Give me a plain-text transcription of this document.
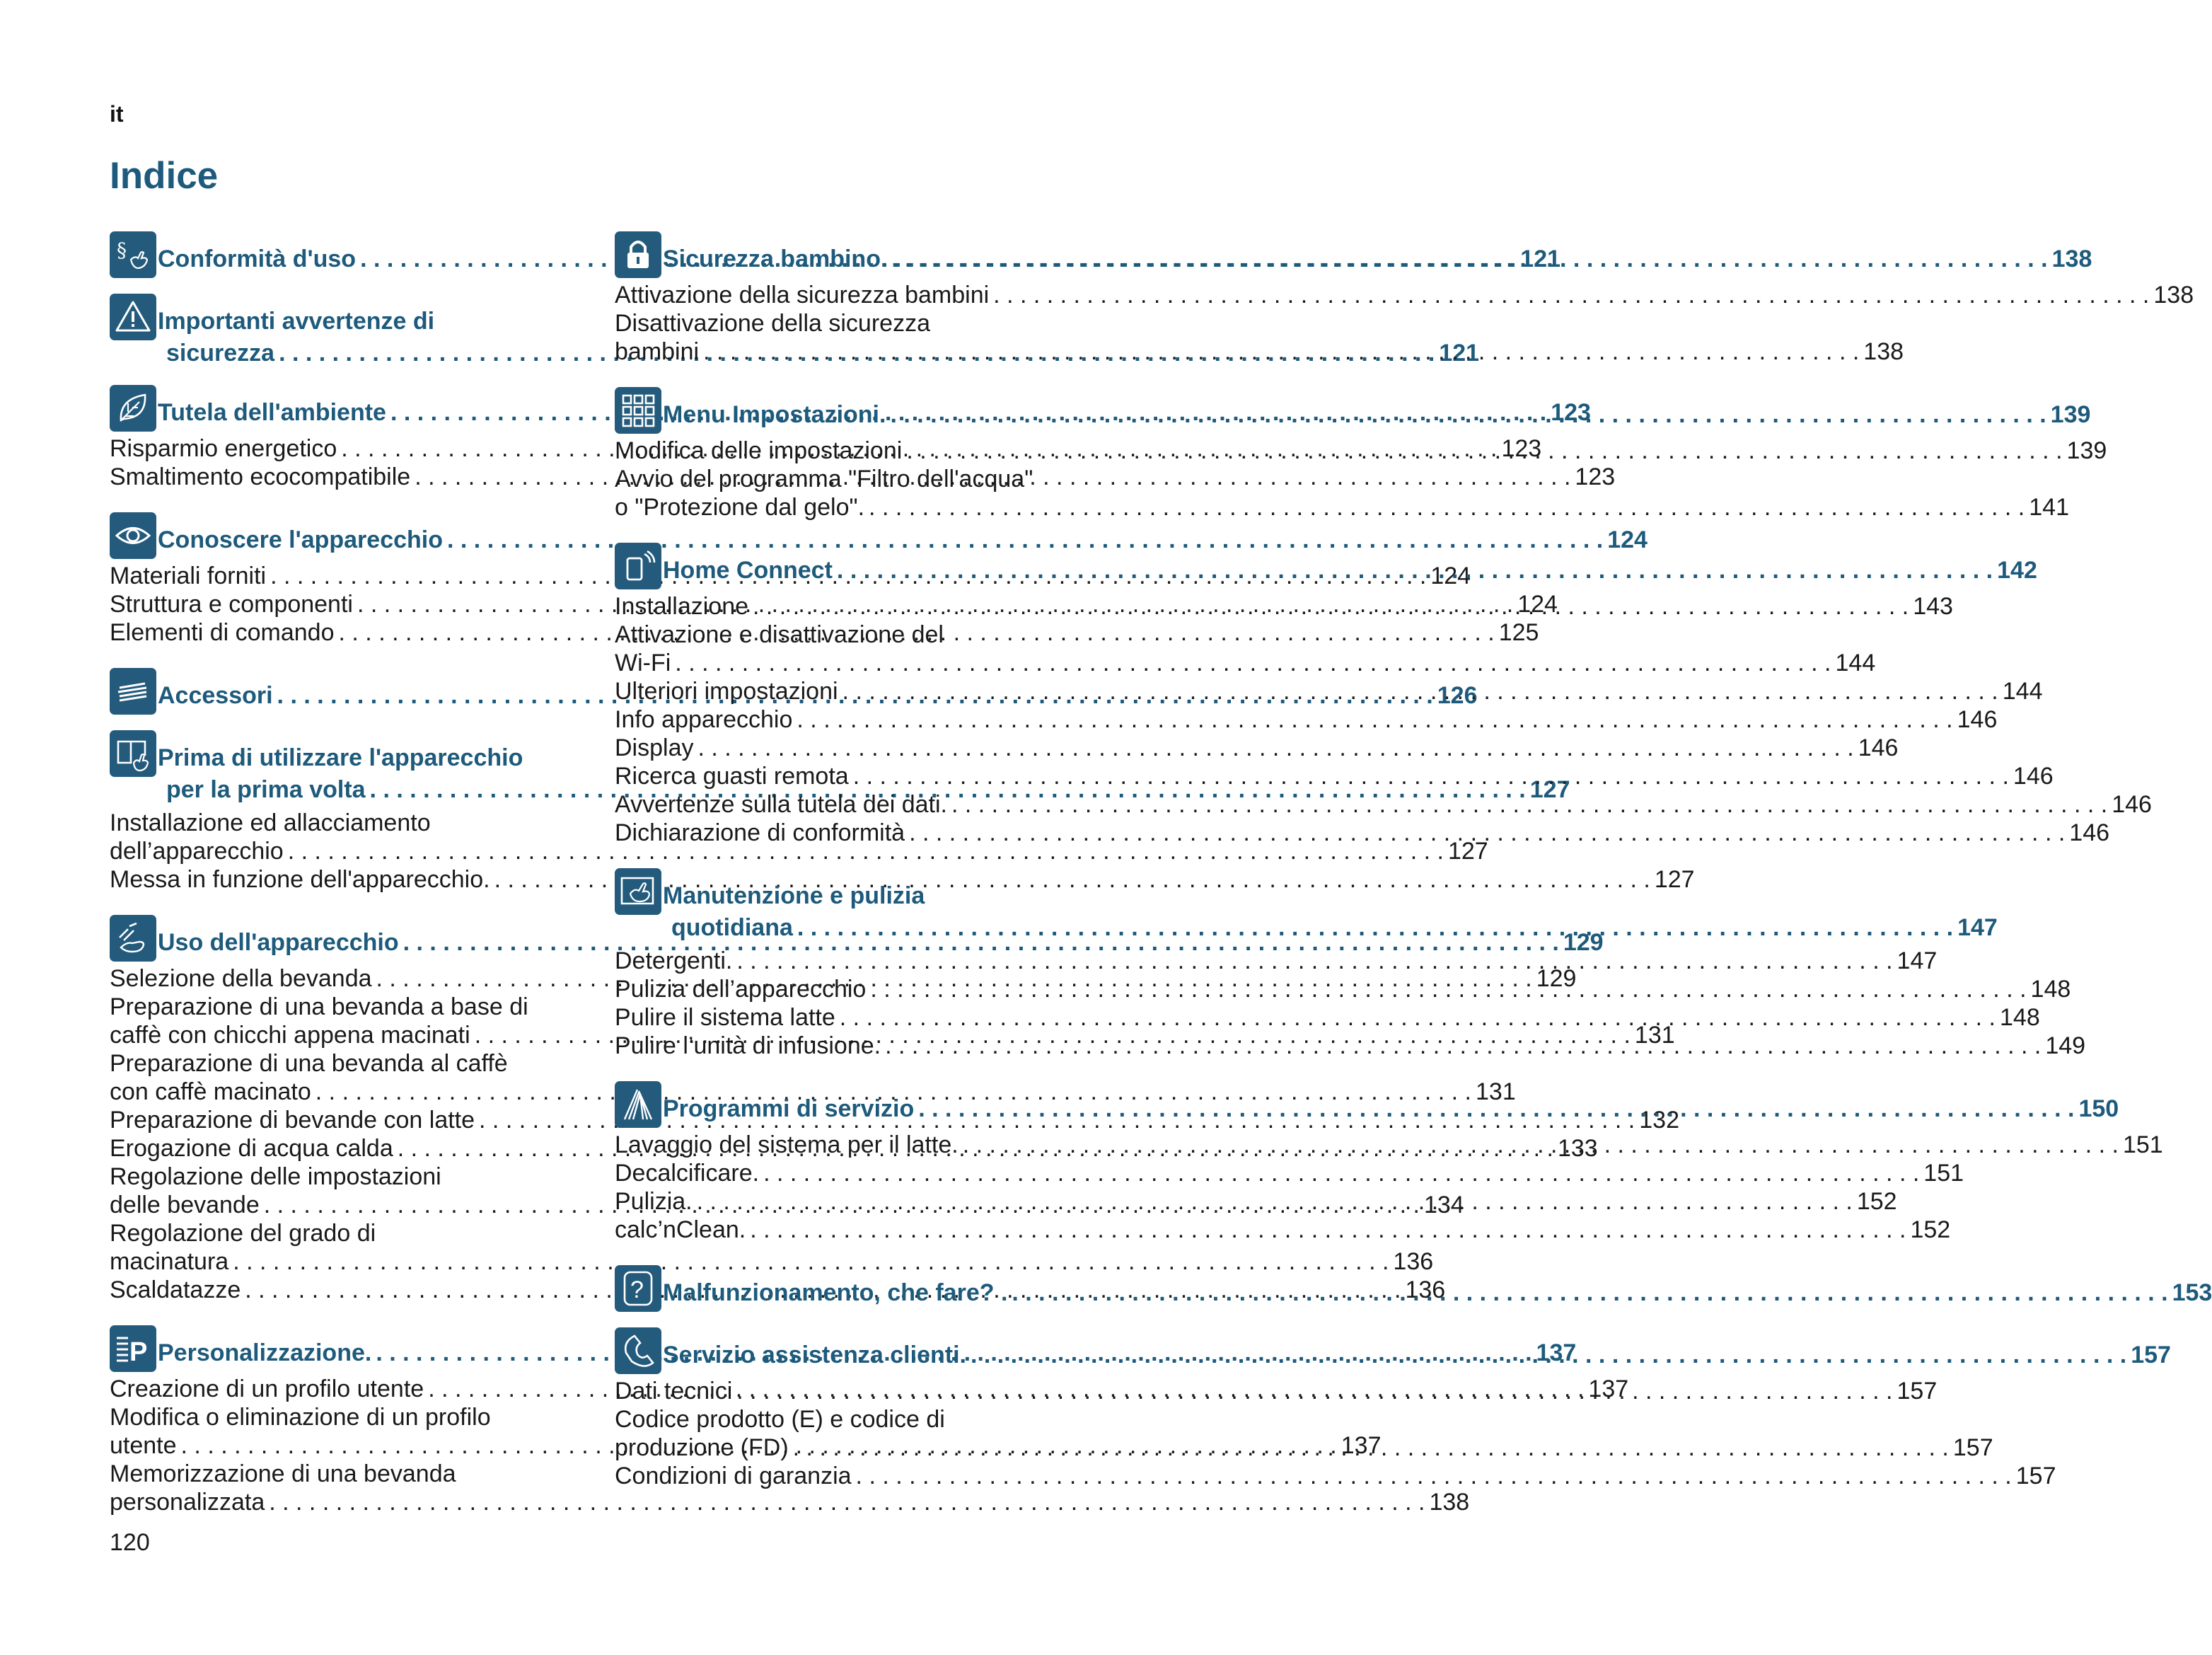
it
Indice
§ Conformità d'uso . . .	121
Importanti avvertenze di
sicurezza . . .	121
Tutela dell'ambiente . . .	123
Risparmio energetico . . .	123
Smaltimento ecocompatibile . . .	123
Conoscere l'apparecchio . . .	124
Materiali forniti . . .	124
Struttura e componenti . . .	124
Elementi di comando . . .	125
Accessori . . .	126
Prima di utilizzare l'apparecchio
per la prima volta . . .	127
Installazione ed allacciamento
dell’apparecchio . . .	127
Messa in funzione dell'apparecchio. . . .	127
Uso dell'apparecchio . . .	129
Selezione della bevanda . . .	129
Preparazione di una bevanda a base di
caffè con chicchi appena macinati . . .	131
Preparazione di una bevanda al caffè
con caffè macinato . . .	131
Preparazione di bevande con latte . . .	132
Erogazione di acqua calda . . .	133
Regolazione delle impostazioni
delle bevande . . .	134
Regolazione del grado di
macinatura . . .	136
Scaldatazze . . .	136
P Personalizzazione. . . .	137
Creazione di un profilo utente . . .	137
Modifica o eliminazione di un profilo
utente . . .	137
Memorizzazione di una bevanda
personalizzata . . .	138
Sicurezza bambino. . . .	138
Attivazione della sicurezza bambini . . .	138
Disattivazione della sicurezza
bambini . . .	138
Menu Impostazioni. . . .	139
Modifica delle impostazioni . . .	139
Avvio del programma "Filtro dell'acqua"
o "Protezione dal gelo". . . .	141
Home Connect . . .	142
Installazione . . .	143
Attivazione e disattivazione del
Wi-Fi . . .	144
Ulteriori impostazioni . . .	144
Info apparecchio . . .	146
Display . . .	146
Ricerca guasti remota . . .	146
Avvertenze sulla tutela dei dati. . . .	146
Dichiarazione di conformità . . .	146
Manutenzione e pulizia
quotidiana . . .	147
Detergenti. . . .	147
Pulizia dell’apparecchio . . .	148
Pulire il sistema latte . . .	148
Pulire l’unità di infusione. . . .	149
Programmi di servizio . . .	150
Lavaggio del sistema per il latte. . . .	151
Decalcificare. . . .	151
Pulizia. . . .	152
calc’nClean. . . .	152
? Malfunzionamento, che fare? . . . .	153
Servizio assistenza clienti. . . .	157
Dati tecnici . . .	157
Codice prodotto (E) e codice di
produzione (FD) . . .	157
Condizioni di garanzia . . .	157
120
